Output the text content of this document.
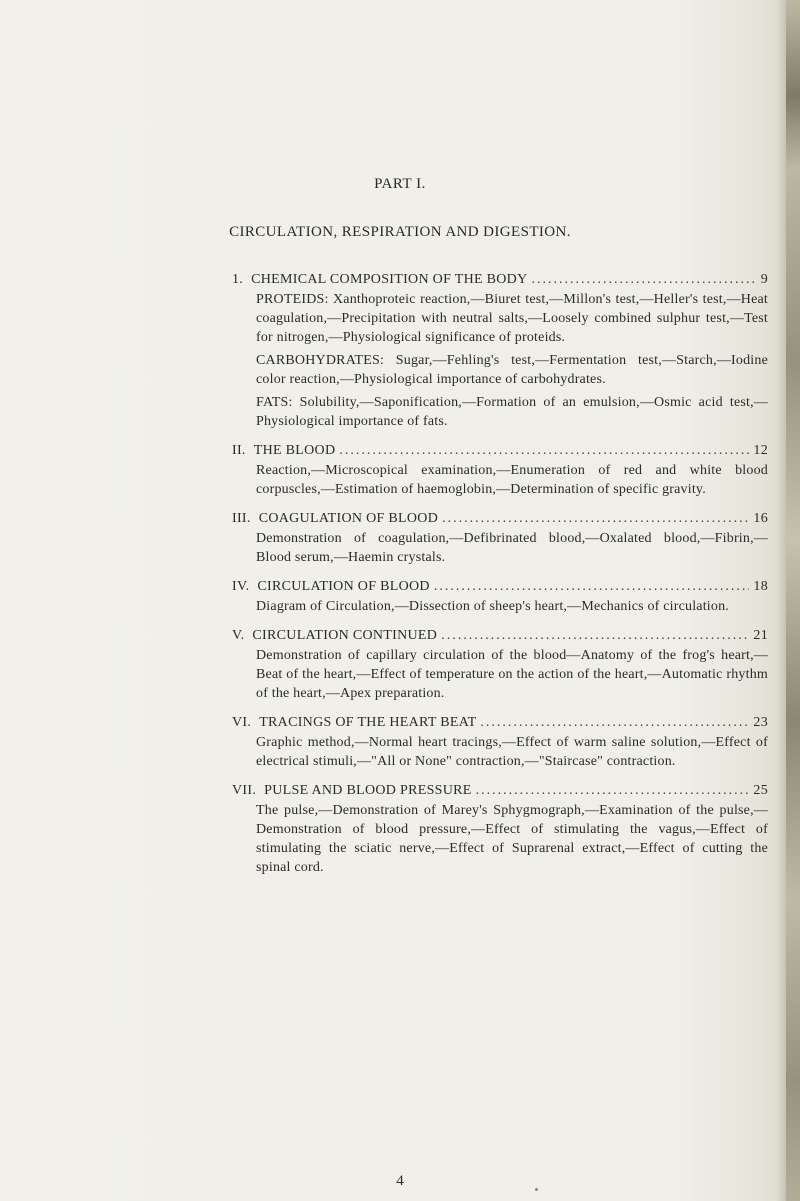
PART I.
CIRCULATION, RESPIRATION AND DIGESTION.
1. CHEMICAL COMPOSITION OF THE BODY .....	9

PROTEIDS: Xanthoproteic reaction,—Biuret test,—Millon's test,—Heller's test,—Heat coagulation,—Precipitation with neutral salts,—Loosely combined sulphur test,—Test for nitrogen,—Physiological significance of proteids.

CARBOHYDRATES: Sugar,—Fehling's test,—Fermentation test,—Starch,—Iodine color reaction,—Physiological importance of carbohydrates.

FATS: Solubility,—Saponification,—Formation of an emulsion,—Osmic acid test,—Physiological importance of fats.

II. THE BLOOD .....	12

Reaction,—Microscopical examination,—Enumeration of red and white blood corpuscles,—Estimation of haemoglobin,—Determination of specific gravity.

III. COAGULATION OF BLOOD .....	16

Demonstration of coagulation,—Defibrinated blood,—Oxalated blood,—Fibrin,—Blood serum,—Haemin crystals.

IV. CIRCULATION OF BLOOD .....	18

Diagram of Circulation,—Dissection of sheep's heart,—Mechanics of circulation.

V. CIRCULATION CONTINUED .....	21

Demonstration of capillary circulation of the blood—Anatomy of the frog's heart,—Beat of the heart,—Effect of temperature on the action of the heart,—Automatic rhythm of the heart,—Apex preparation.

VI. TRACINGS OF THE HEART BEAT .....	23

Graphic method,—Normal heart tracings,—Effect of warm saline solution,—Effect of electrical stimuli,—"All or None" contraction,—"Staircase" contraction.

VII. PULSE AND BLOOD PRESSURE .....	25

The pulse,—Demonstration of Marey's Sphygmograph,—Examination of the pulse,—Demonstration of blood pressure,—Effect of stimulating the vagus,—Effect of stimulating the sciatic nerve,—Effect of Suprarenal extract,—Effect of cutting the spinal cord.

4
